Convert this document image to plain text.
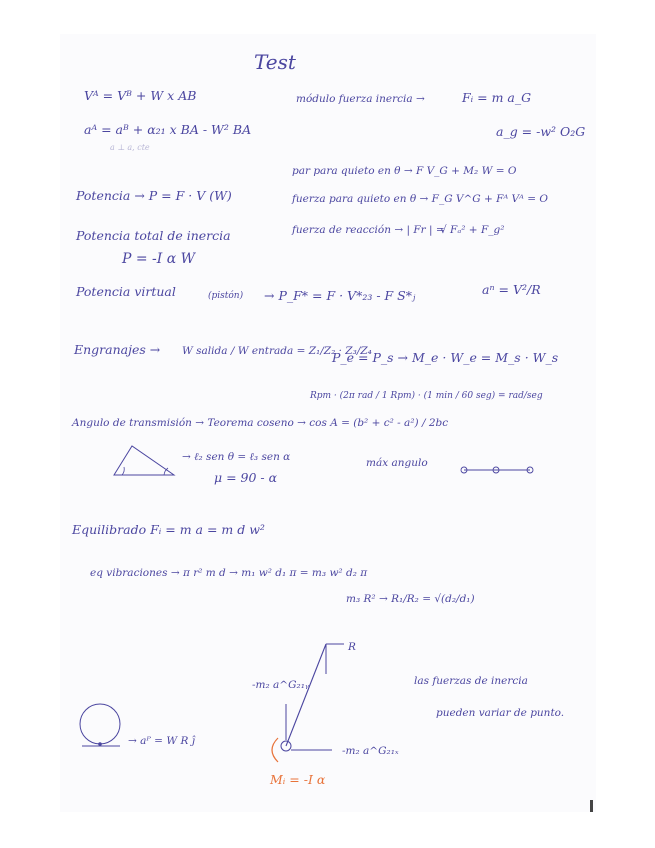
Test
Vᴬ = Vᴮ + W x AB
aᴬ = aᴮ + α₂₁ x BA - W² BA
a ⊥ a, cte
módulo fuerza inercia →	Fᵢ = m a_G
a_g = -w² O₂G
par para quieto en θ → F V_G + M₂ W = O
Potencia → P = F · V (W)	fuerza para quieto en θ → F_G V^G + Fᴬ Vᴬ = O
Potencia total de inercia
P = -I α W
fuerza de reacción → | Fr | =
√ Fₐ² + F_g²
Potencia virtual	(pistón) → P_F* = F · V*₂₃ - F S*ⱼ	aⁿ = V²/R
Engranajes → W salida / W entrada = Z₁/Z₂ · Z₃/Z₄
P_e = P_s → M_e · W_e = M_s · W_s
Rpm · (2π rad / 1 Rpm) · (1 min / 60 seg) = rad/seg
Angulo de transmisión → Teorema coseno → cos A = (b² + c² - a²) / 2bc
→ ℓ₂ sen θ = ℓ₃ sen α
μ = 90 - α
máx angulo
Equilibrado Fᵢ = m a = m d w²
eq vibraciones → π r² m d → m₁ w² d₁ π = m₃ w² d₂ π
m₃ R² → R₁/R₂ = √(d₂/d₁)
→ aᴾ = W R ĵ
-m₂ a^G₂₁ᵧ
R
las fuerzas de inercia
pueden variar de punto.
-m₂ a^G₂₁ₓ
Mᵢ = -I α
